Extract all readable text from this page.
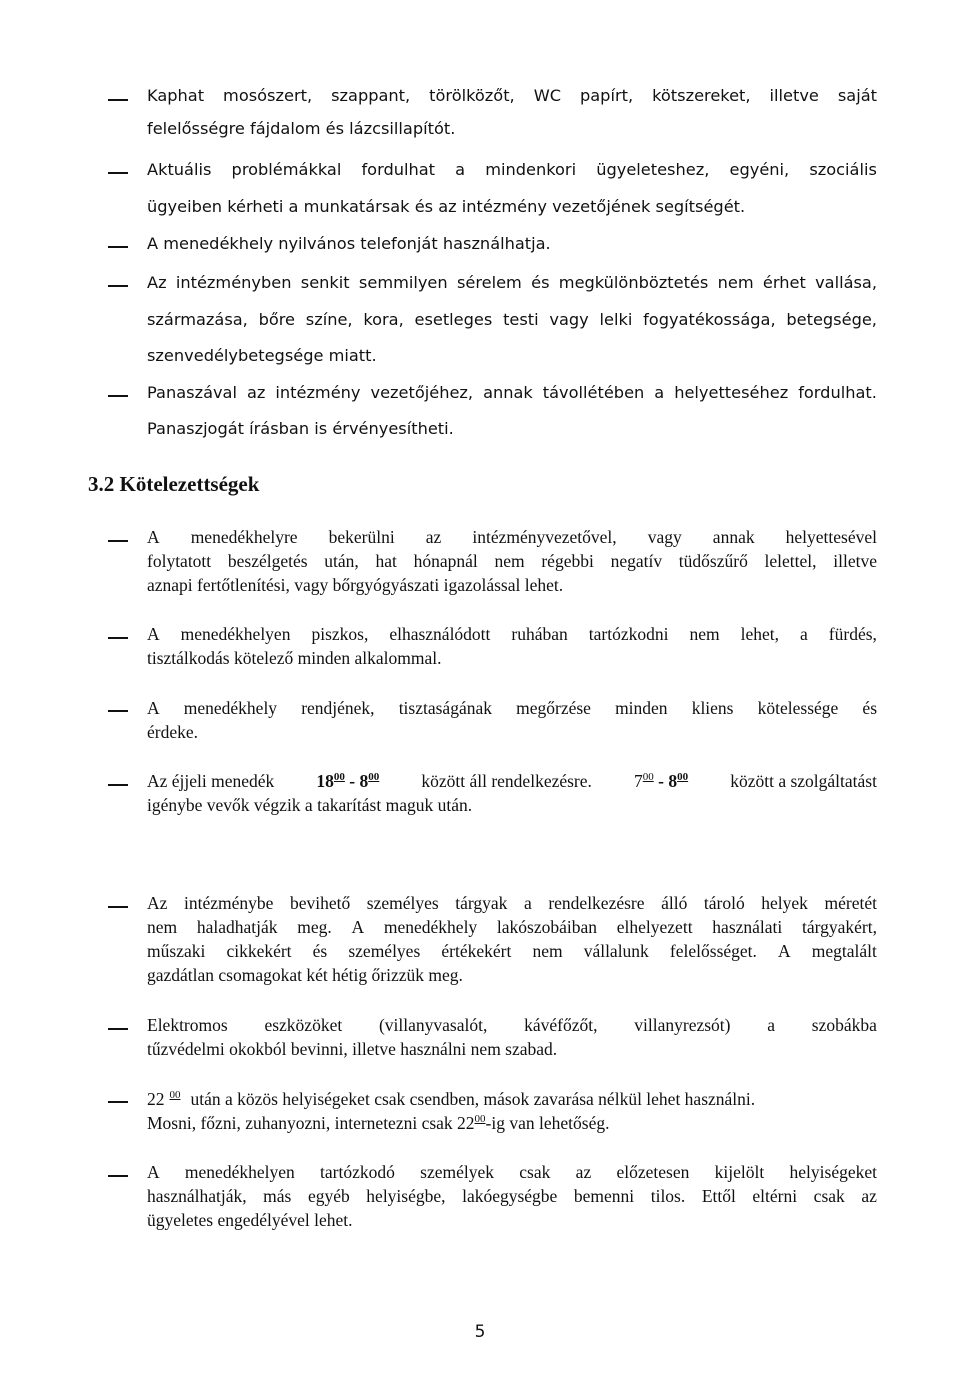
Kaphat mosószert, szappant, törölközőt, WC papírt, kötszereket, illetve saját
felelősségre fájdalom és lázcsillapítót.
Aktuális problémákkal fordulhat a mindenkori ügyeleteshez, egyéni, szociális
ügyeiben kérheti a munkatársak és az intézmény vezetőjének segítségét.
A menedékhely nyilvános telefonját használhatja.
Az intézményben senkit semmilyen sérelem és megkülönböztetés nem érhet vallása,
származása, bőre színe, kora, esetleges testi vagy lelki fogyatékossága, betegsége,
szenvedélybetegsége miatt.
Panaszával az intézmény vezetőjéhez, annak távollétében a helyetteséhez fordulhat.
Panaszjogát írásban is érvényesítheti.
3.2 Kötelezettségek
A menedékhelyre bekerülni az intézményvezetővel, vagy annak helyettesével
folytatott beszélgetés után, hat hónapnál nem régebbi negatív tüdőszűrő lelettel, illetve
aznapi fertőtlenítési, vagy bőrgyógyászati igazolással lehet.
A menedékhelyen piszkos, elhasználódott ruhában tartózkodni nem lehet, a fürdés,
tisztálkodás kötelező minden alkalommal.
A menedékhely rendjének, tisztaságának megőrzése minden kliens kötelessége és
érdeke.
Az éjjeli menedék $18^{00} - 8^{00}$ között áll rendelkezésre. $7^{00} - 8^{00}$ között a szolgáltatást
igénybe vevők végzik a takarítást maguk után.
Az intézménybe bevihető személyes tárgyak a rendelkezésre álló tároló helyek méretét
nem haladhatják meg. A menedékhely lakószobáiban elhelyezett használati tárgyakért,
műszaki cikkekért és személyes értékekért nem vállalunk felelősséget. A megtalált
gazdátlan csomagokat két hétig őrizzük meg.
Elektromos eszközöket (villanyvasalót, kávéfőzőt, villanyrezsót) a szobákba
tűzvédelmi okokból bevinni, illetve használni nem szabad.
22 $^{00}$ után a közös helyiségeket csak csendben, mások zavarása nélkül lehet használni.
Mosni, főzni, zuhanyozni, internetezni csak 22 00 -ig van lehetőség.
A menedékhelyen tartózkodó személyek csak az előzetesen kijelölt helyiségeket
használhatják, más egyéb helyiségbe, lakóegységbe bemenni tilos. Ettől eltérni csak az
ügyeletes engedélyével lehet.
5
